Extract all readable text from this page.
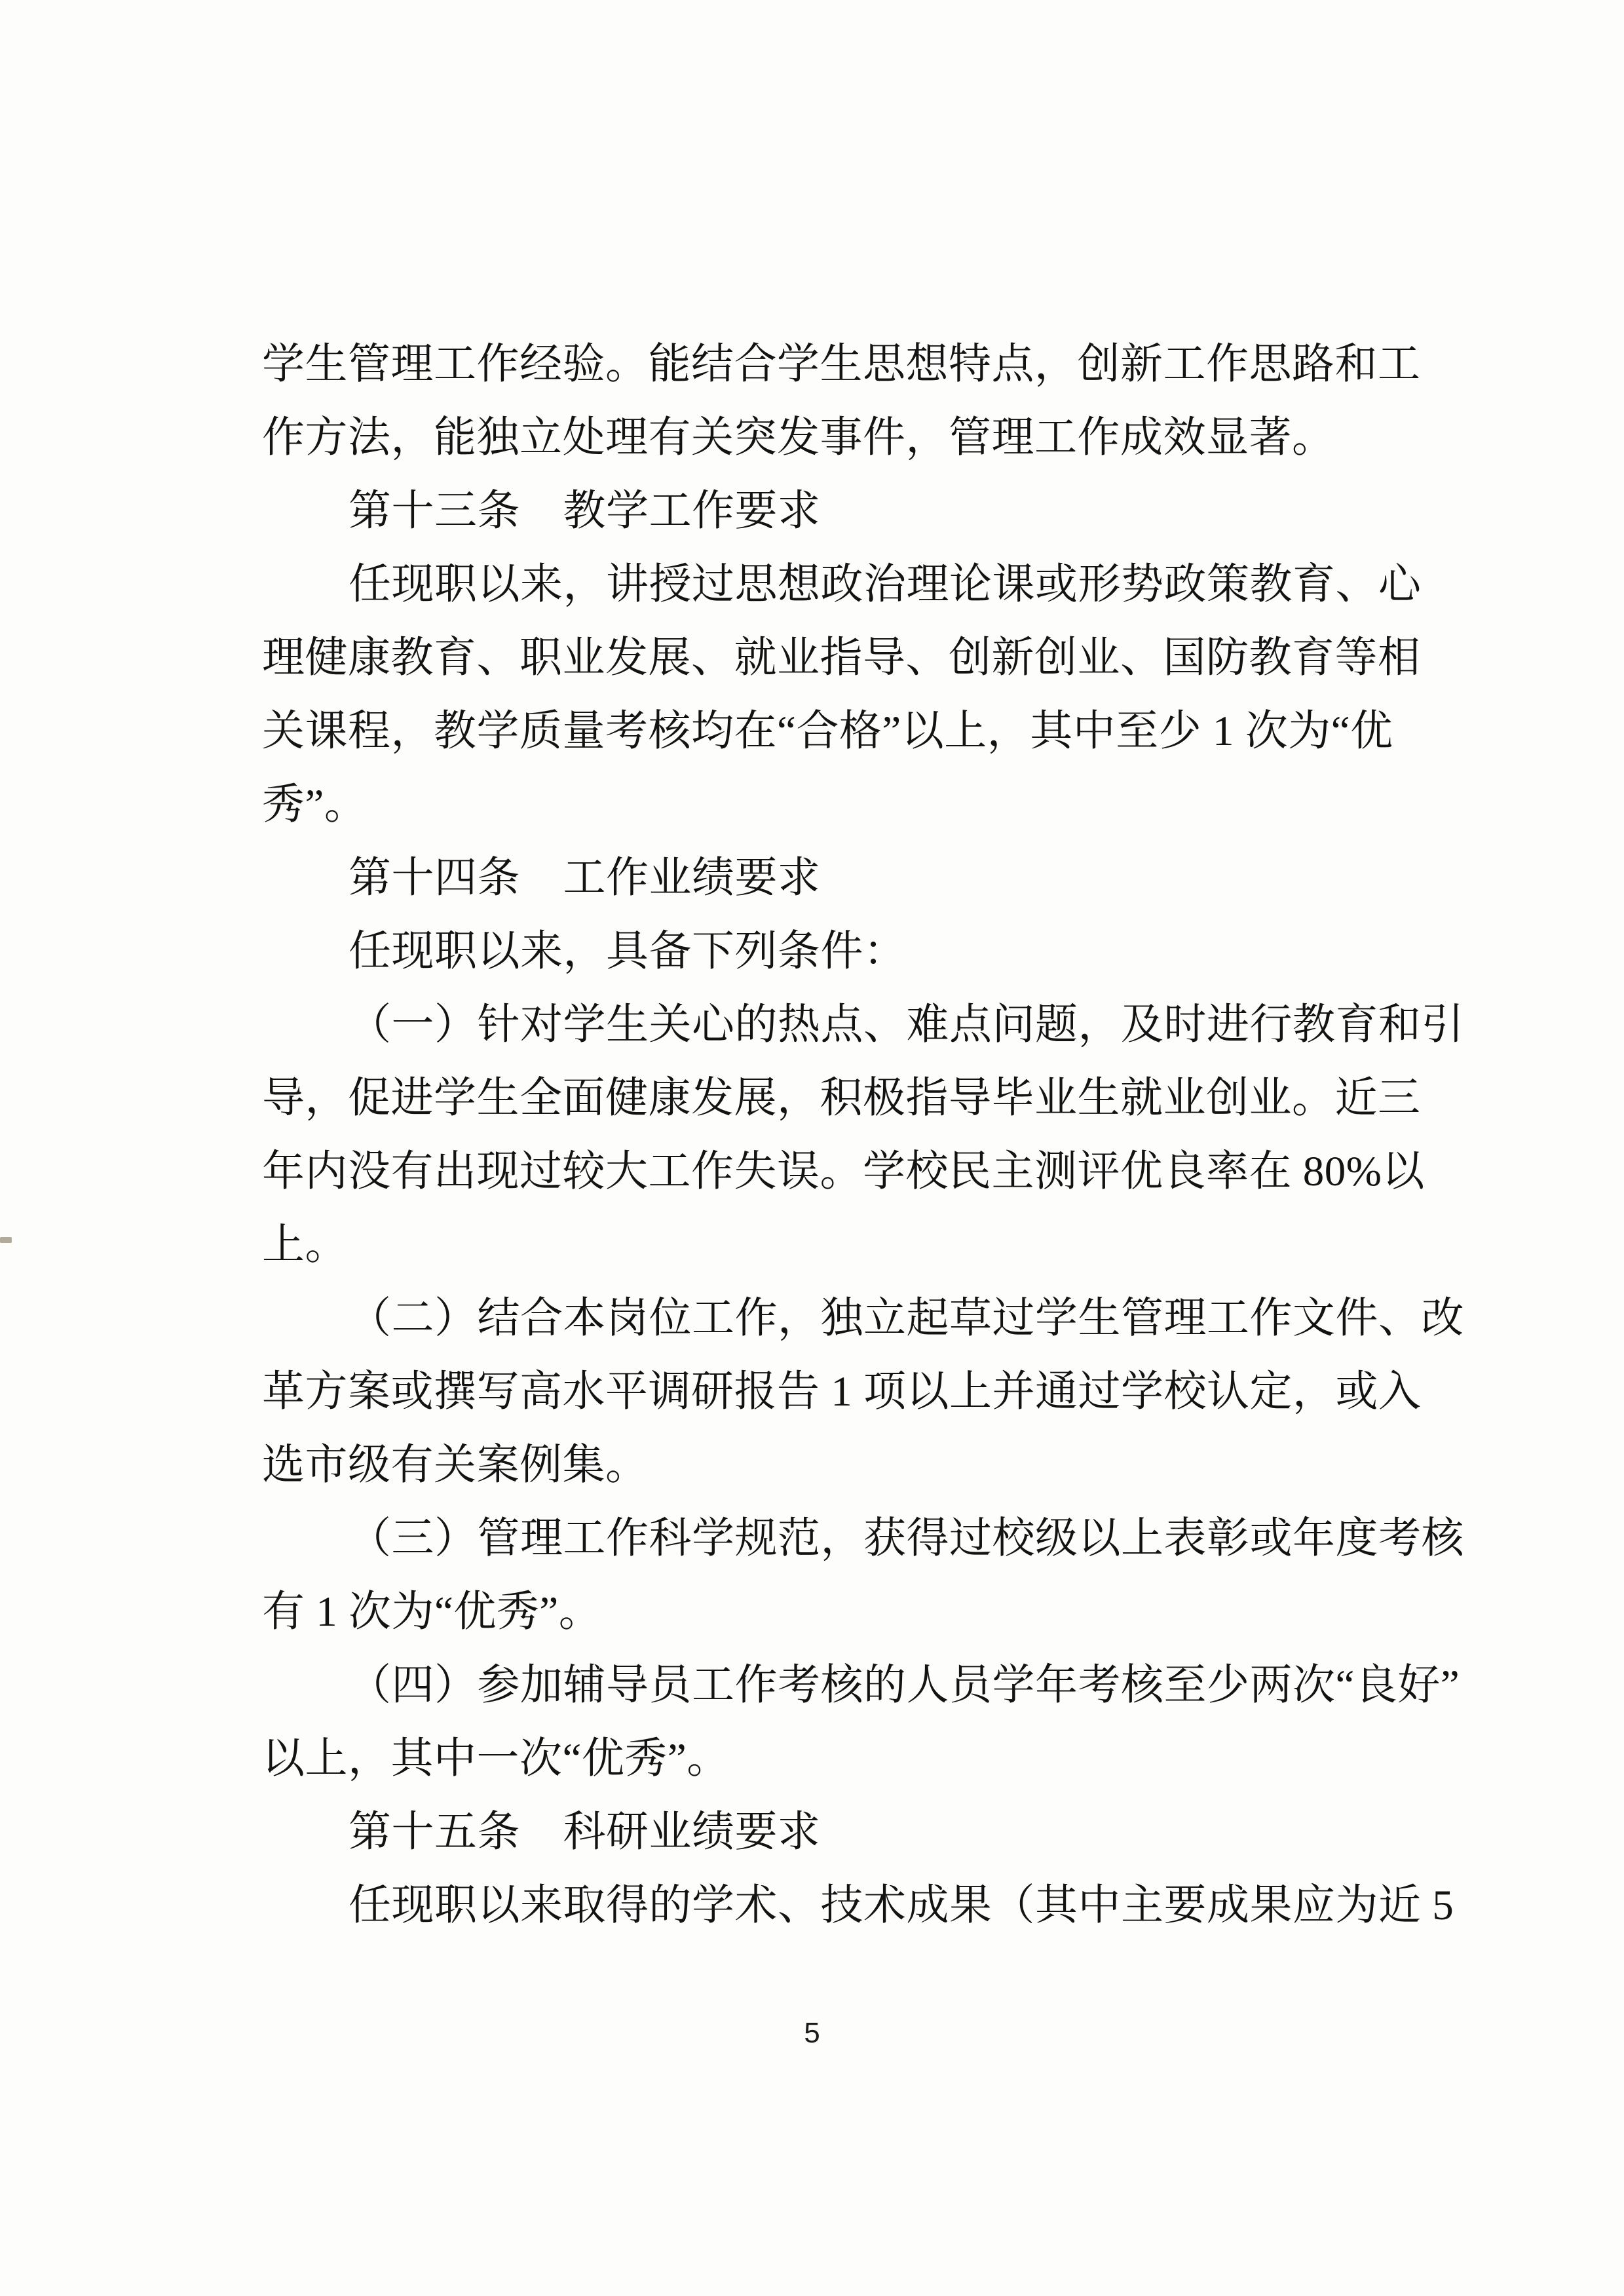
学生管理工作经验。能结合学生思想特点，创新工作思路和工
作方法，能独立处理有关突发事件，管理工作成效显著。
第十三条　教学工作要求
任现职以来，讲授过思想政治理论课或形势政策教育、心
理健康教育、职业发展、就业指导、创新创业、国防教育等相
关课程，教学质量考核均在“合格”以上，其中至少 1 次为“优
秀”。
第十四条　工作业绩要求
任现职以来，具备下列条件：
（一）针对学生关心的热点、难点问题，及时进行教育和引
导，促进学生全面健康发展，积极指导毕业生就业创业。近三
年内没有出现过较大工作失误。学校民主测评优良率在 80%以
上。
（二）结合本岗位工作，独立起草过学生管理工作文件、改
革方案或撰写高水平调研报告 1 项以上并通过学校认定，或入
选市级有关案例集。
（三）管理工作科学规范，获得过校级以上表彰或年度考核
有 1 次为“优秀”。
（四）参加辅导员工作考核的人员学年考核至少两次“良好”
以上，其中一次“优秀”。
第十五条　科研业绩要求
任现职以来取得的学术、技术成果（其中主要成果应为近 5
5
